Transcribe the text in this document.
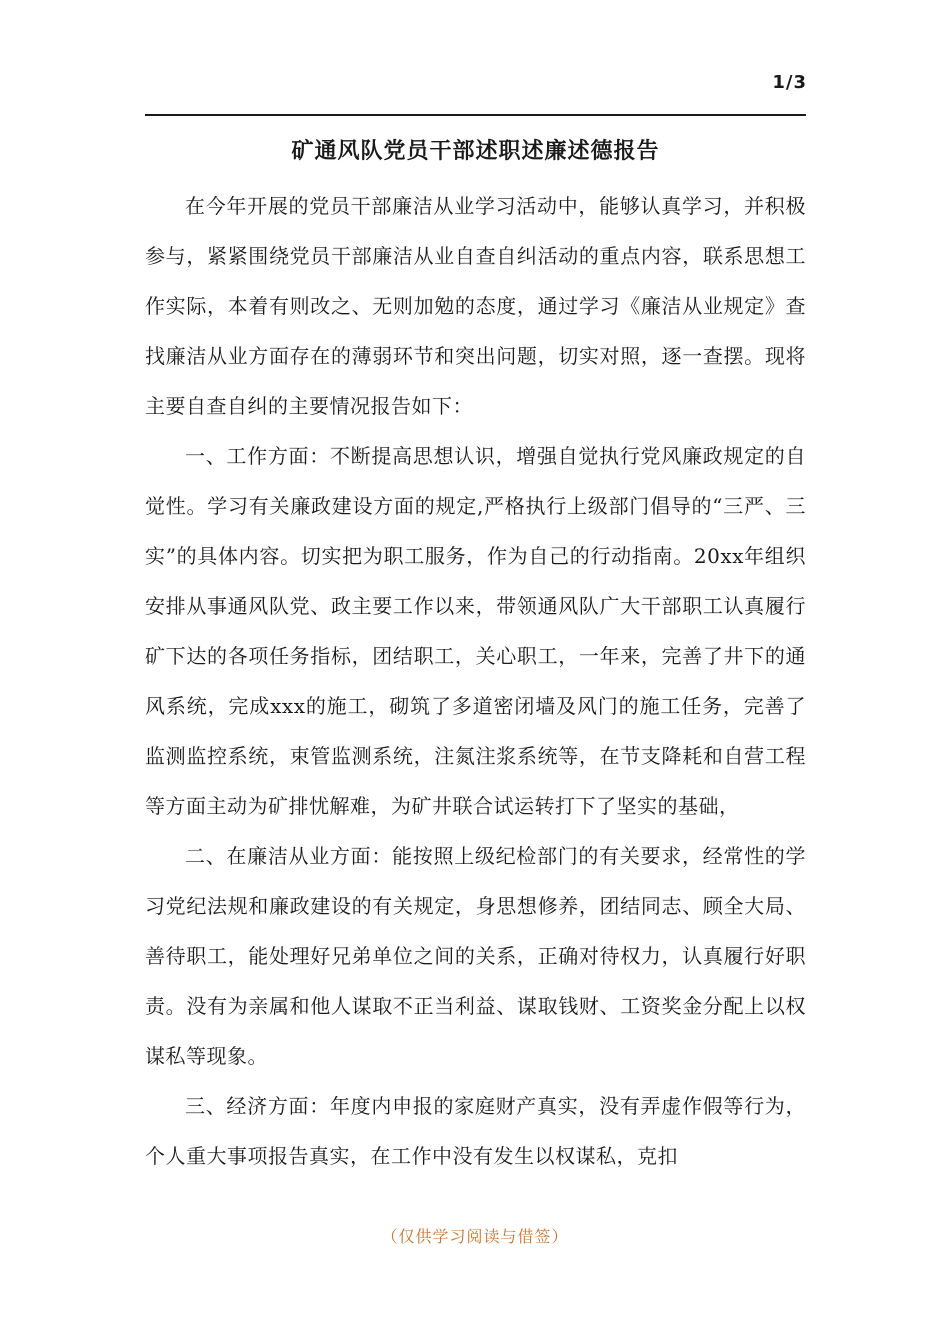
1/3
矿通风队党员干部述职述廉述德报告

在今年开展的党员干部廉洁从业学习活动中，能够认真学习，并积极参与，紧紧围绕党员干部廉洁从业自查自纠活动的重点内容，联系思想工作实际，本着有则改之、无则加勉的态度，通过学习《廉洁从业规定》查找廉洁从业方面存在的薄弱环节和突出问题，切实对照，逐一查摆。现将主要自查自纠的主要情况报告如下：

一、工作方面：不断提高思想认识，增强自觉执行党风廉政规定的自觉性。学习有关廉政建设方面的规定,严格执行上级部门倡导的“三严、三实”的具体内容。切实把为职工服务，作为自己的行动指南。20xx年组织安排从事通风队党、政主要工作以来，带领通风队广大干部职工认真履行矿下达的各项任务指标，团结职工，关心职工，一年来，完善了井下的通风系统，完成xxx的施工，砌筑了多道密闭墙及风门的施工任务，完善了监测监控系统，束管监测系统，注氮注浆系统等，在节支降耗和自营工程等方面主动为矿排忧解难，为矿井联合试运转打下了坚实的基础，

二、在廉洁从业方面：能按照上级纪检部门的有关要求，经常性的学习党纪法规和廉政建设的有关规定，身思想修养，团结同志、顾全大局、善待职工，能处理好兄弟单位之间的关系，正确对待权力，认真履行好职责。没有为亲属和他人谋取不正当利益、谋取钱财、工资奖金分配上以权谋私等现象。

三、经济方面：年度内申报的家庭财产真实，没有弄虚作假等行为，个人重大事项报告真实，在工作中没有发生以权谋私，克扣

（仅供学习阅读与借签）
